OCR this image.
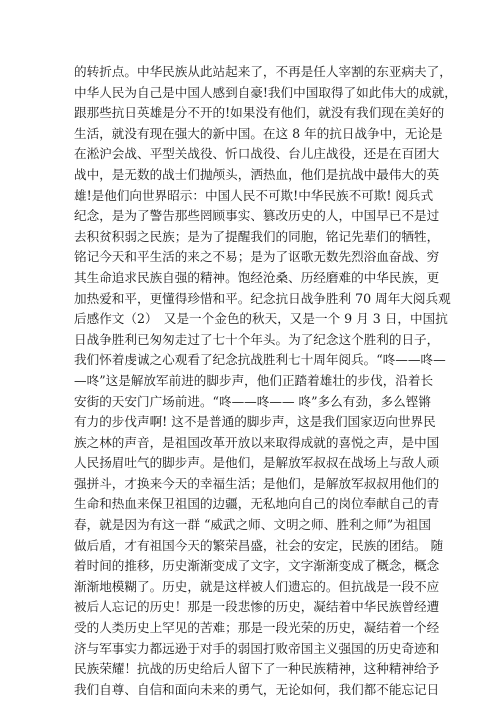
的转折点。中华民族从此站起来了，不再是任人宰割的东亚病夫了，
中华人民为自己是中国人感到自豪!我们中国取得了如此伟大的成就，
跟那些抗日英雄是分不开的!如果没有他们，就没有我们现在美好的
生活，就没有现在强大的新中国。在这 8 年的抗日战争中，无论是
在淞沪会战、平型关战役、忻口战役、台儿庄战役，还是在百团大
战中，是无数的战士们抛颅头，洒热血，他们是抗战中最伟大的英
雄!是他们向世界昭示：中国人民不可欺!中华民族不可欺! 阅兵式
纪念，是为了警告那些罔顾事实、篡改历史的人，中国早已不是过
去积贫积弱之民族；是为了提醒我们的同胞，铭记先辈们的牺牲，
铭记今天和平生活的来之不易；是为了讴歌无数先烈浴血奋战、穷
其生命追求民族自强的精神。饱经沧桑、历经磨难的中华民族，更
加热爱和平，更懂得珍惜和平。纪念抗日战争胜利 70 周年大阅兵观
后感作文（2）　又是一个金色的秋天，又是一个 9 月 3 日，中国抗
日战争胜利已匆匆走过了七十个年头。为了纪念这个胜利的日子，
我们怀着虔诚之心观看了纪念抗战胜利七十周年阅兵。“咚——咚—
—咚”这是解放军前进的脚步声，他们正踏着雄壮的步伐，沿着长
安街的天安门广场前进。“咚——咚—— 咚”多么有劲，多么铿锵
有力的步伐声啊! 这不是普通的脚步声，这是我们国家迈向世界民
族之林的声音，是祖国改革开放以来取得成就的喜悦之声，是中国
人民扬眉吐气的脚步声。是他们，是解放军叔叔在战场上与敌人顽
强拼斗，才换来今天的幸福生活；是他们，是解放军叔叔用他们的
生命和热血来保卫祖国的边疆，无私地向自己的岗位奉献自己的青
春，就是因为有这一群 “威武之师、文明之师、胜利之师”为祖国
做后盾，才有祖国今天的繁荣昌盛，社会的安定，民族的团结。 随
着时间的推移，历史渐渐变成了文字，文字渐渐变成了概念，概念
渐渐地模糊了。历史，就是这样被人们遗忘的。但抗战是一段不应
被后人忘记的历史！那是一段悲惨的历史，凝结着中华民族曾经遭
受的人类历史上罕见的苦难；那是一段光荣的历史，凝结着一个经
济与军事实力都远逊于对手的弱国打败帝国主义强国的历史奇迹和
民族荣耀！抗战的历史给后人留下了一种民族精神，这种精神给予
我们自尊、自信和面向未来的勇气，无论如何，我们都不能忘记日
